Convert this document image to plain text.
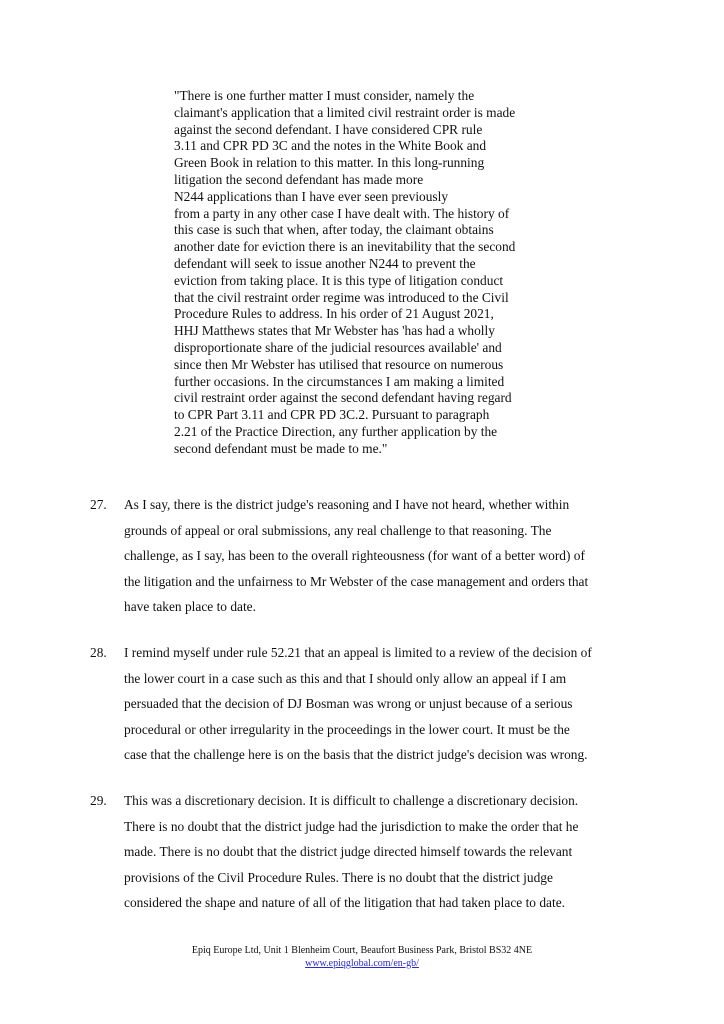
"There is one further matter I must consider, namely the
claimant's application that a limited civil restraint order is made
against the second defendant. I have considered CPR rule
3.11 and CPR PD 3C and the notes in the White Book and
Green Book in relation to this matter. In this long-running
litigation the second defendant has made more
N244 applications than I have ever seen previously
from a party in any other case I have dealt with. The history of
this case is such that when, after today, the claimant obtains
another date for eviction there is an inevitability that the second
defendant will seek to issue another N244 to prevent the
eviction from taking place. It is this type of litigation conduct
that the civil restraint order regime was introduced to the Civil
Procedure Rules to address. In his order of 21 August 2021,
HHJ Matthews states that Mr Webster has 'has had a wholly
disproportionate share of the judicial resources available' and
since then Mr Webster has utilised that resource on numerous
further occasions. In the circumstances I am making a limited
civil restraint order against the second defendant having regard
to CPR Part 3.11 and CPR PD 3C.2. Pursuant to paragraph
2.21 of the Practice Direction, any further application by the
second defendant must be made to me."
27. As I say, there is the district judge's reasoning and I have not heard, whether within
grounds of appeal or oral submissions, any real challenge to that reasoning. The
challenge, as I say, has been to the overall righteousness (for want of a better word) of
the litigation and the unfairness to Mr Webster of the case management and orders that
have taken place to date.
28. I remind myself under rule 52.21 that an appeal is limited to a review of the decision of
the lower court in a case such as this and that I should only allow an appeal if I am
persuaded that the decision of DJ Bosman was wrong or unjust because of a serious
procedural or other irregularity in the proceedings in the lower court. It must be the
case that the challenge here is on the basis that the district judge's decision was wrong.
29. This was a discretionary decision. It is difficult to challenge a discretionary decision.
There is no doubt that the district judge had the jurisdiction to make the order that he
made. There is no doubt that the district judge directed himself towards the relevant
provisions of the Civil Procedure Rules. There is no doubt that the district judge
considered the shape and nature of all of the litigation that had taken place to date.
Epiq Europe Ltd, Unit 1 Blenheim Court, Beaufort Business Park, Bristol BS32 4NE
www.epiqglobal.com/en-gb/
